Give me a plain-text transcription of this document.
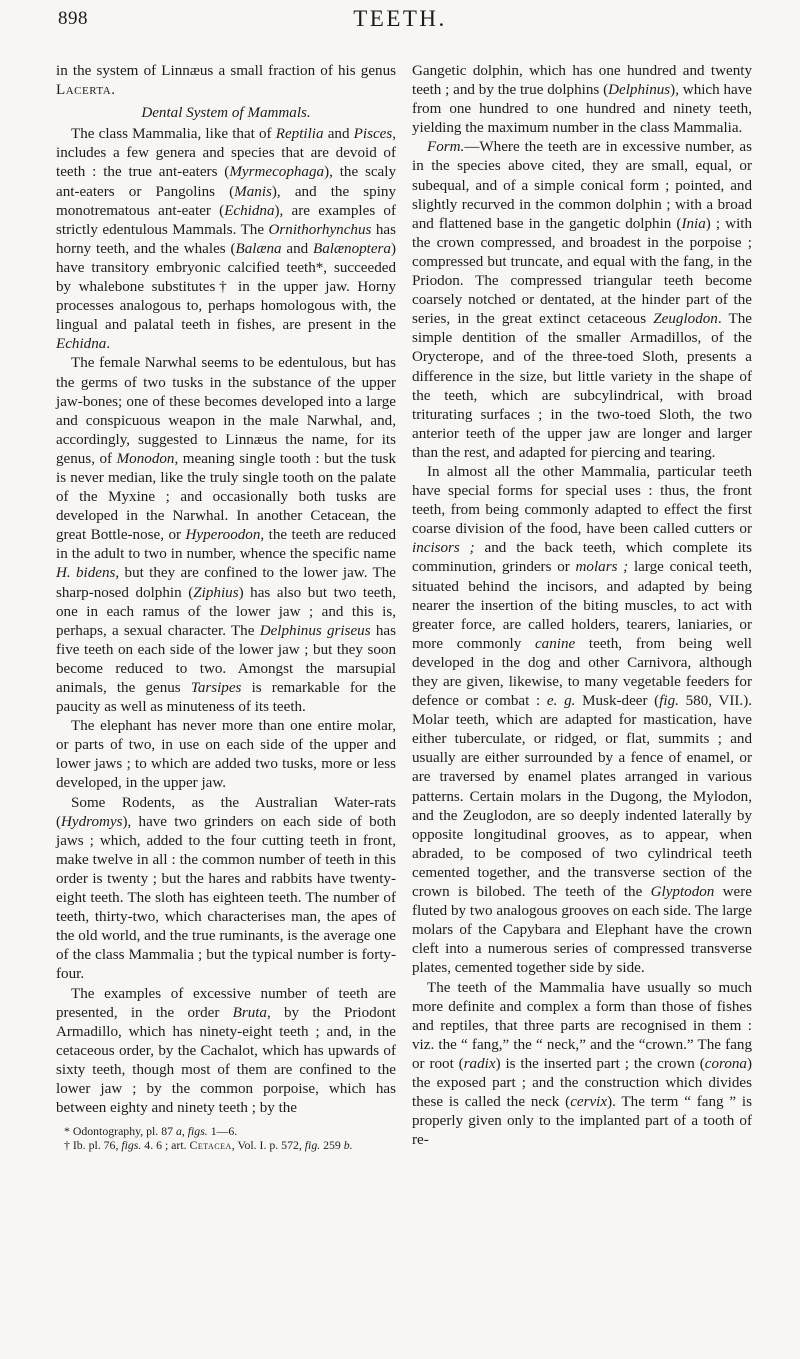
898	TEETH.

in the system of Linnæus a small fraction of his genus Lacerta.

Dental System of Mammals.

The class Mammalia, like that of Reptilia and Pisces, includes a few genera and species that are devoid of teeth : the true ant-eaters (Myrmecophaga), the scaly ant-eaters or Pangolins (Manis), and the spiny monotrematous ant-eater (Echidna), are examples of strictly edentulous Mammals. The Ornithorhynchus has horny teeth, and the whales (Balæna and Balænoptera) have transitory embryonic calcified teeth*, succeeded by whalebone substitutes† in the upper jaw. Horny processes analogous to, perhaps homologous with, the lingual and palatal teeth in fishes, are present in the Echidna.

The female Narwhal seems to be edentulous, but has the germs of two tusks in the substance of the upper jaw-bones; one of these becomes developed into a large and conspicuous weapon in the male Narwhal, and, accordingly, suggested to Linnæus the name, for its genus, of Monodon, meaning single tooth : but the tusk is never median, like the truly single tooth on the palate of the Myxine ; and occasionally both tusks are developed in the Narwhal. In another Cetacean, the great Bottle-nose, or Hyperoodon, the teeth are reduced in the adult to two in number, whence the specific name H. bidens, but they are confined to the lower jaw. The sharp-nosed dolphin (Ziphius) has also but two teeth, one in each ramus of the lower jaw ; and this is, perhaps, a sexual character. The Delphinus griseus has five teeth on each side of the lower jaw ; but they soon become reduced to two. Amongst the marsupial animals, the genus Tarsipes is remarkable for the paucity as well as minuteness of its teeth.

The elephant has never more than one entire molar, or parts of two, in use on each side of the upper and lower jaws ; to which are added two tusks, more or less developed, in the upper jaw.

Some Rodents, as the Australian Water-rats (Hydromys), have two grinders on each side of both jaws ; which, added to the four cutting teeth in front, make twelve in all : the common number of teeth in this order is twenty ; but the hares and rabbits have twenty-eight teeth. The sloth has eighteen teeth. The number of teeth, thirty-two, which characterises man, the apes of the old world, and the true ruminants, is the average one of the class Mammalia ; but the typical number is forty-four.

The examples of excessive number of teeth are presented, in the order Bruta, by the Priodont Armadillo, which has ninety-eight teeth ; and, in the cetaceous order, by the Cachalot, which has upwards of sixty teeth, though most of them are confined to the lower jaw ; by the common porpoise, which has between eighty and ninety teeth ; by the

* Odontography, pl. 87 a, figs. 1—6.
† Ib. pl. 76, figs. 4. 6 ; art. Cetacea, Vol. I. p. 572, fig. 259 b.

Gangetic dolphin, which has one hundred and twenty teeth ; and by the true dolphins (Delphinus), which have from one hundred to one hundred and ninety teeth, yielding the maximum number in the class Mammalia.

Form.—Where the teeth are in excessive number, as in the species above cited, they are small, equal, or subequal, and of a simple conical form ; pointed, and slightly recurved in the common dolphin ; with a broad and flattened base in the gangetic dolphin (Inia) ; with the crown compressed, and broadest in the porpoise ; compressed but truncate, and equal with the fang, in the Priodon. The compressed triangular teeth become coarsely notched or dentated, at the hinder part of the series, in the great extinct cetaceous Zeuglodon. The simple dentition of the smaller Armadillos, of the Orycterope, and of the three-toed Sloth, presents a difference in the size, but little variety in the shape of the teeth, which are subcylindrical, with broad triturating surfaces ; in the two-toed Sloth, the two anterior teeth of the upper jaw are longer and larger than the rest, and adapted for piercing and tearing.

In almost all the other Mammalia, particular teeth have special forms for special uses : thus, the front teeth, from being commonly adapted to effect the first coarse division of the food, have been called cutters or incisors ; and the back teeth, which complete its comminution, grinders or molars ; large conical teeth, situated behind the incisors, and adapted by being nearer the insertion of the biting muscles, to act with greater force, are called holders, tearers, laniaries, or more commonly canine teeth, from being well developed in the dog and other Carnivora, although they are given, likewise, to many vegetable feeders for defence or combat : e. g. Musk-deer (fig. 580, VII.). Molar teeth, which are adapted for mastication, have either tuberculate, or ridged, or flat, summits ; and usually are either surrounded by a fence of enamel, or are traversed by enamel plates arranged in various patterns. Certain molars in the Dugong, the Mylodon, and the Zeuglodon, are so deeply indented laterally by opposite longitudinal grooves, as to appear, when abraded, to be composed of two cylindrical teeth cemented together, and the transverse section of the crown is bilobed. The teeth of the Glyptodon were fluted by two analogous grooves on each side. The large molars of the Capybara and Elephant have the crown cleft into a numerous series of compressed transverse plates, cemented together side by side.

The teeth of the Mammalia have usually so much more definite and complex a form than those of fishes and reptiles, that three parts are recognised in them : viz. the “ fang,” the “ neck,” and the “crown.” The fang or root (radix) is the inserted part ; the crown (corona) the exposed part ; and the construction which divides these is called the neck (cervix). The term “ fang ” is properly given only to the implanted part of a tooth of re-
